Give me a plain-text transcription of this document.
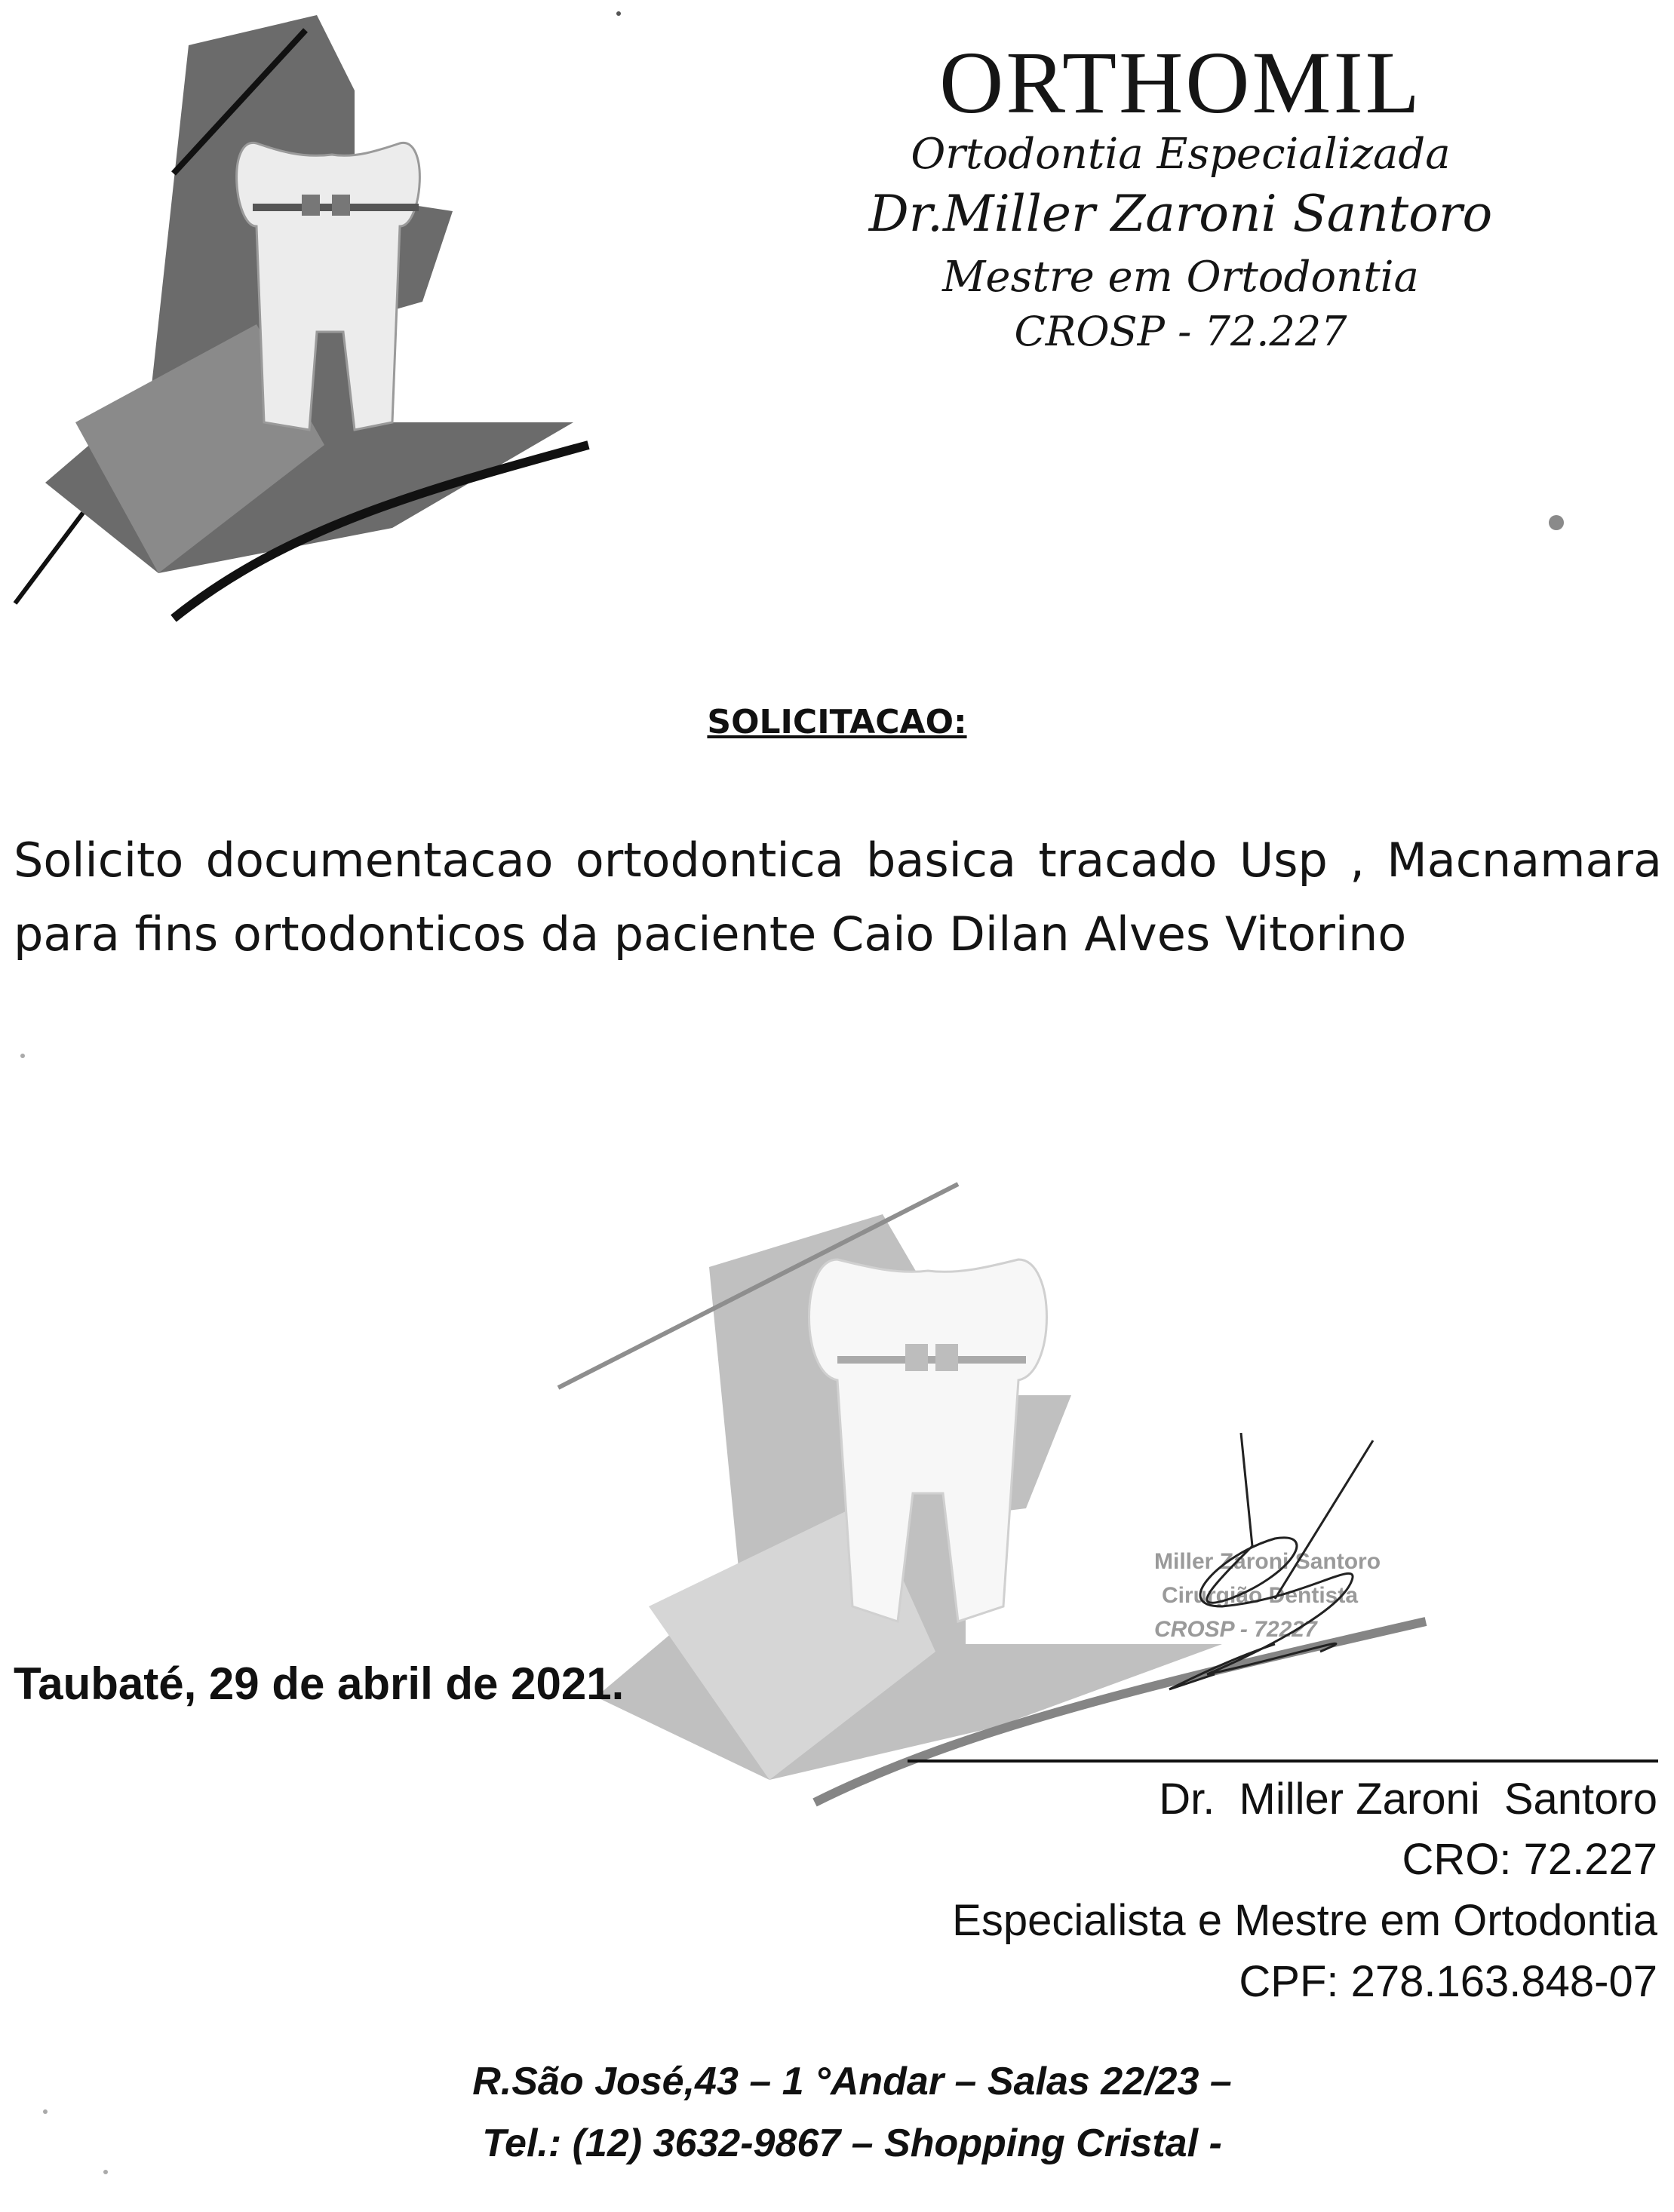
ORTHOMIL
Ortodontia Especializada
Dr.Miller Zaroni Santoro
Mestre em Ortodontia
CROSP - 72.227
SOLICITACAO:
Solicito documentacao ortodontica basica tracado Usp , Macnamara para fins ortodonticos da paciente Caio Dilan Alves Vitorino
Miller Zaroni Santoro
Cirurgião Dentista
CROSP - 72227
Taubaté, 29 de abril de 2021.
Dr.  Miller Zaroni  Santoro
CRO: 72.227
Especialista e Mestre em Ortodontia
CPF: 278.163.848-07
R.São José,43 – 1 °Andar – Salas 22/23 –
Tel.: (12) 3632-9867 – Shopping Cristal -
